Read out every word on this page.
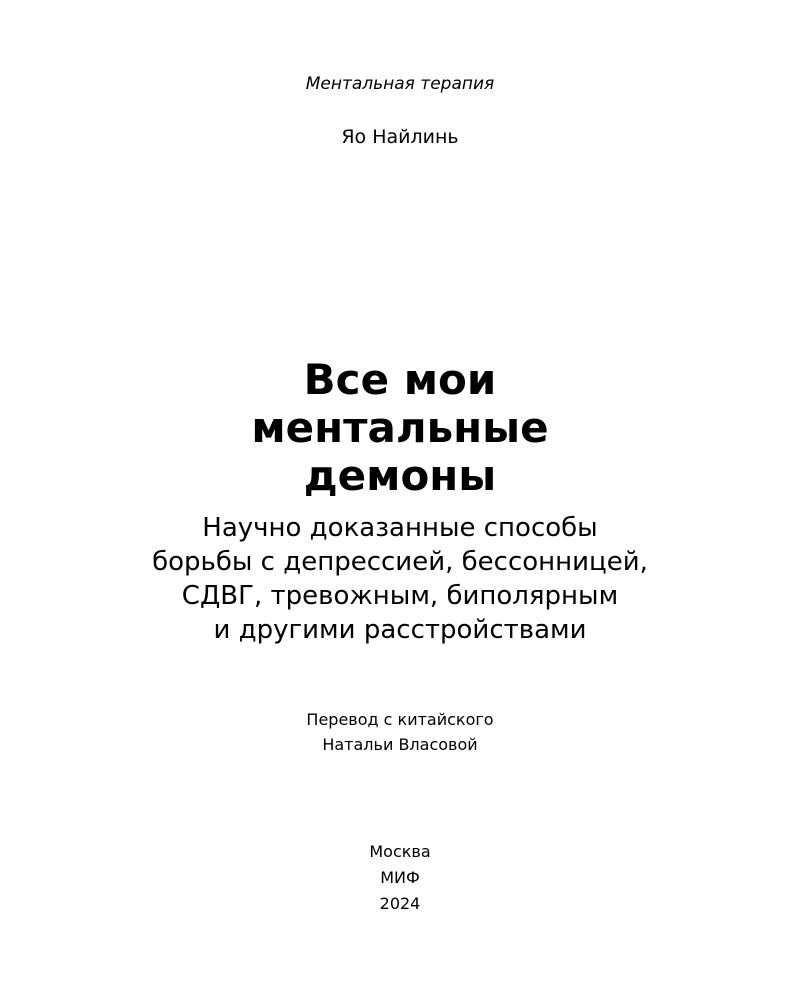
Ментальная терапия
Яо Найлинь
Все мои
ментальные
демоны
Научно доказанные способы
борьбы с депрессией, бессонницей,
СДВГ, тревожным, биполярным
и другими расстройствами
Перевод с китайского
Натальи Власовой
Москва
МИФ
2024
